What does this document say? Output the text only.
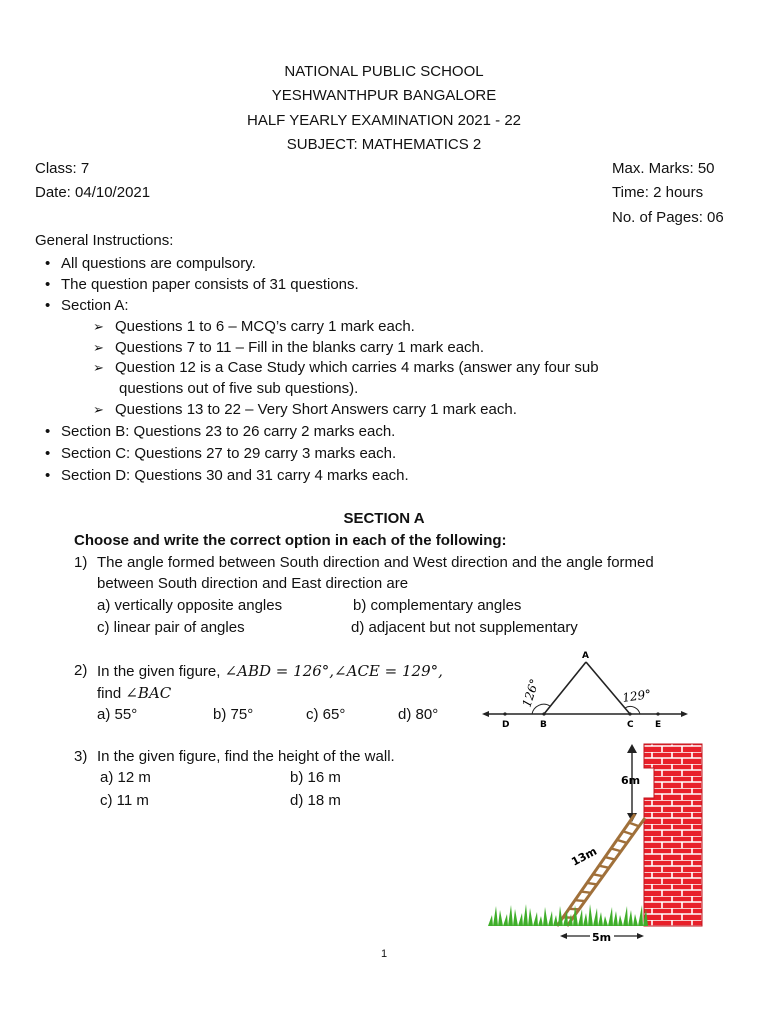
NATIONAL PUBLIC SCHOOL
YESHWANTHPUR BANGALORE
HALF YEARLY EXAMINATION 2021 - 22
SUBJECT: MATHEMATICS 2
Class: 7
Date: 04/10/2021
Max. Marks: 50
Time: 2 hours
No. of Pages: 06
General Instructions:
• All questions are compulsory.
• The question paper consists of 31 questions.
• Section A:
➢ Questions 1 to 6 – MCQ’s carry 1 mark each.
➢ Questions 7 to 11 – Fill in the blanks carry 1 mark each.
➢ Question 12 is a Case Study which carries 4 marks (answer any four sub
questions out of five sub questions).
➢ Questions 13 to 22 – Very Short Answers carry 1 mark each.
• Section B: Questions 23 to 26 carry 2 marks each.
• Section C: Questions 27 to 29 carry 3 marks each.
• Section D: Questions 30 and 31 carry 4 marks each.
SECTION A
Choose and write the correct option in each of the following:
1) The angle formed between South direction and West direction and the angle formed
between South direction and East direction are
a) vertically opposite angles	b) complementary angles
c) linear pair of angles	d) adjacent but not supplementary
2) In the given figure, ∠ABD = 126°,∠ACE = 129°,
find ∠BAC
a) 55°	b) 75°	c) 65°	d) 80°
A
D	B	C E
126°	129°
3) In the given figure, find the height of the wall.
a) 12 m	b) 16 m
c) 11 m	d) 18 m
6m
13m
5m
1
